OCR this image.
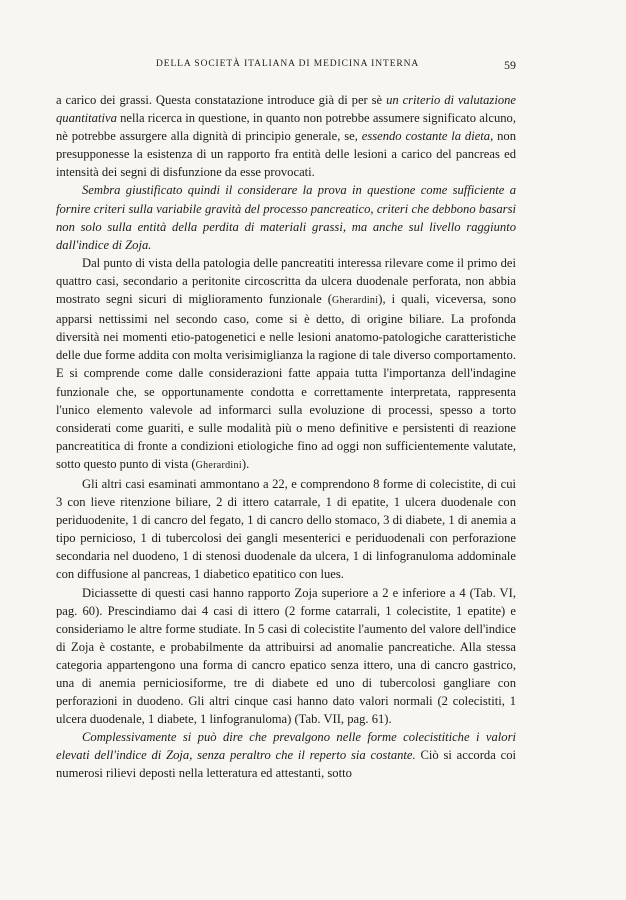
DELLA SOCIETÀ ITALIANA DI MEDICINA INTERNA	59

a carico dei grassi. Questa constatazione introduce già di per sè un criterio di valutazione quantitativa nella ricerca in questione, in quanto non potrebbe assumere significato alcuno, nè potrebbe assurgere alla dignità di principio generale, se, essendo costante la dieta, non presupponesse la esistenza di un rapporto fra entità delle lesioni a carico del pancreas ed intensità dei segni di disfunzione da esse provocati.

Sembra giustificato quindi il considerare la prova in questione come sufficiente a fornire criteri sulla variabile gravità del processo pancreatico, criteri che debbono basarsi non solo sulla entità della perdita di materiali grassi, ma anche sul livello raggiunto dall'indice di Zoja.

Dal punto di vista della patologia delle pancreatiti interessa rilevare come il primo dei quattro casi, secondario a peritonite circoscritta da ulcera duodenale perforata, non abbia mostrato segni sicuri di miglioramento funzionale (Gherardini), i quali, viceversa, sono apparsi nettissimi nel secondo caso, come si è detto, di origine biliare. La profonda diversità nei momenti etio-patogenetici e nelle lesioni anatomo-patologiche caratteristiche delle due forme addita con molta verisimiglianza la ragione di tale diverso comportamento. E si comprende come dalle considerazioni fatte appaia tutta l'importanza dell'indagine funzionale che, se opportunamente condotta e correttamente interpretata, rappresenta l'unico elemento valevole ad informarci sulla evoluzione di processi, spesso a torto considerati come guariti, e sulle modalità più o meno definitive e persistenti di reazione pancreatitica di fronte a condizioni etiologiche fino ad oggi non sufficientemente valutate, sotto questo punto di vista (Gherardini).

Gli altri casi esaminati ammontano a 22, e comprendono 8 forme di colecistite, di cui 3 con lieve ritenzione biliare, 2 di ittero catarrale, 1 di epatite, 1 ulcera duodenale con periduodenite, 1 di cancro del fegato, 1 di cancro dello stomaco, 3 di diabete, 1 di anemia a tipo pernicioso, 1 di tubercolosi dei gangli mesenterici e periduodenali con perforazione secondaria nel duodeno, 1 di stenosi duodenale da ulcera, 1 di linfogranuloma addominale con diffusione al pancreas, 1 diabetico epatitico con lues.

Diciassette di questi casi hanno rapporto Zoja superiore a 2 e inferiore a 4 (Tab. VI, pag. 60). Prescindiamo dai 4 casi di ittero (2 forme catarrali, 1 colecistite, 1 epatite) e consideriamo le altre forme studiate. In 5 casi di colecistite l'aumento del valore dell'indice di Zoja è costante, e probabilmente da attribuirsi ad anomalie pancreatiche. Alla stessa categoria appartengono una forma di cancro epatico senza ittero, una di cancro gastrico, una di anemia perniciosiforme, tre di diabete ed uno di tubercolosi gangliare con perforazioni in duodeno. Gli altri cinque casi hanno dato valori normali (2 colecistiti, 1 ulcera duodenale, 1 diabete, 1 linfogranuloma) (Tab. VII, pag. 61).

Complessivamente si può dire che prevalgono nelle forme colecistitiche i valori elevati dell'indice di Zoja, senza peraltro che il reperto sia costante. Ciò si accorda coi numerosi rilievi deposti nella letteratura ed attestanti, sotto
